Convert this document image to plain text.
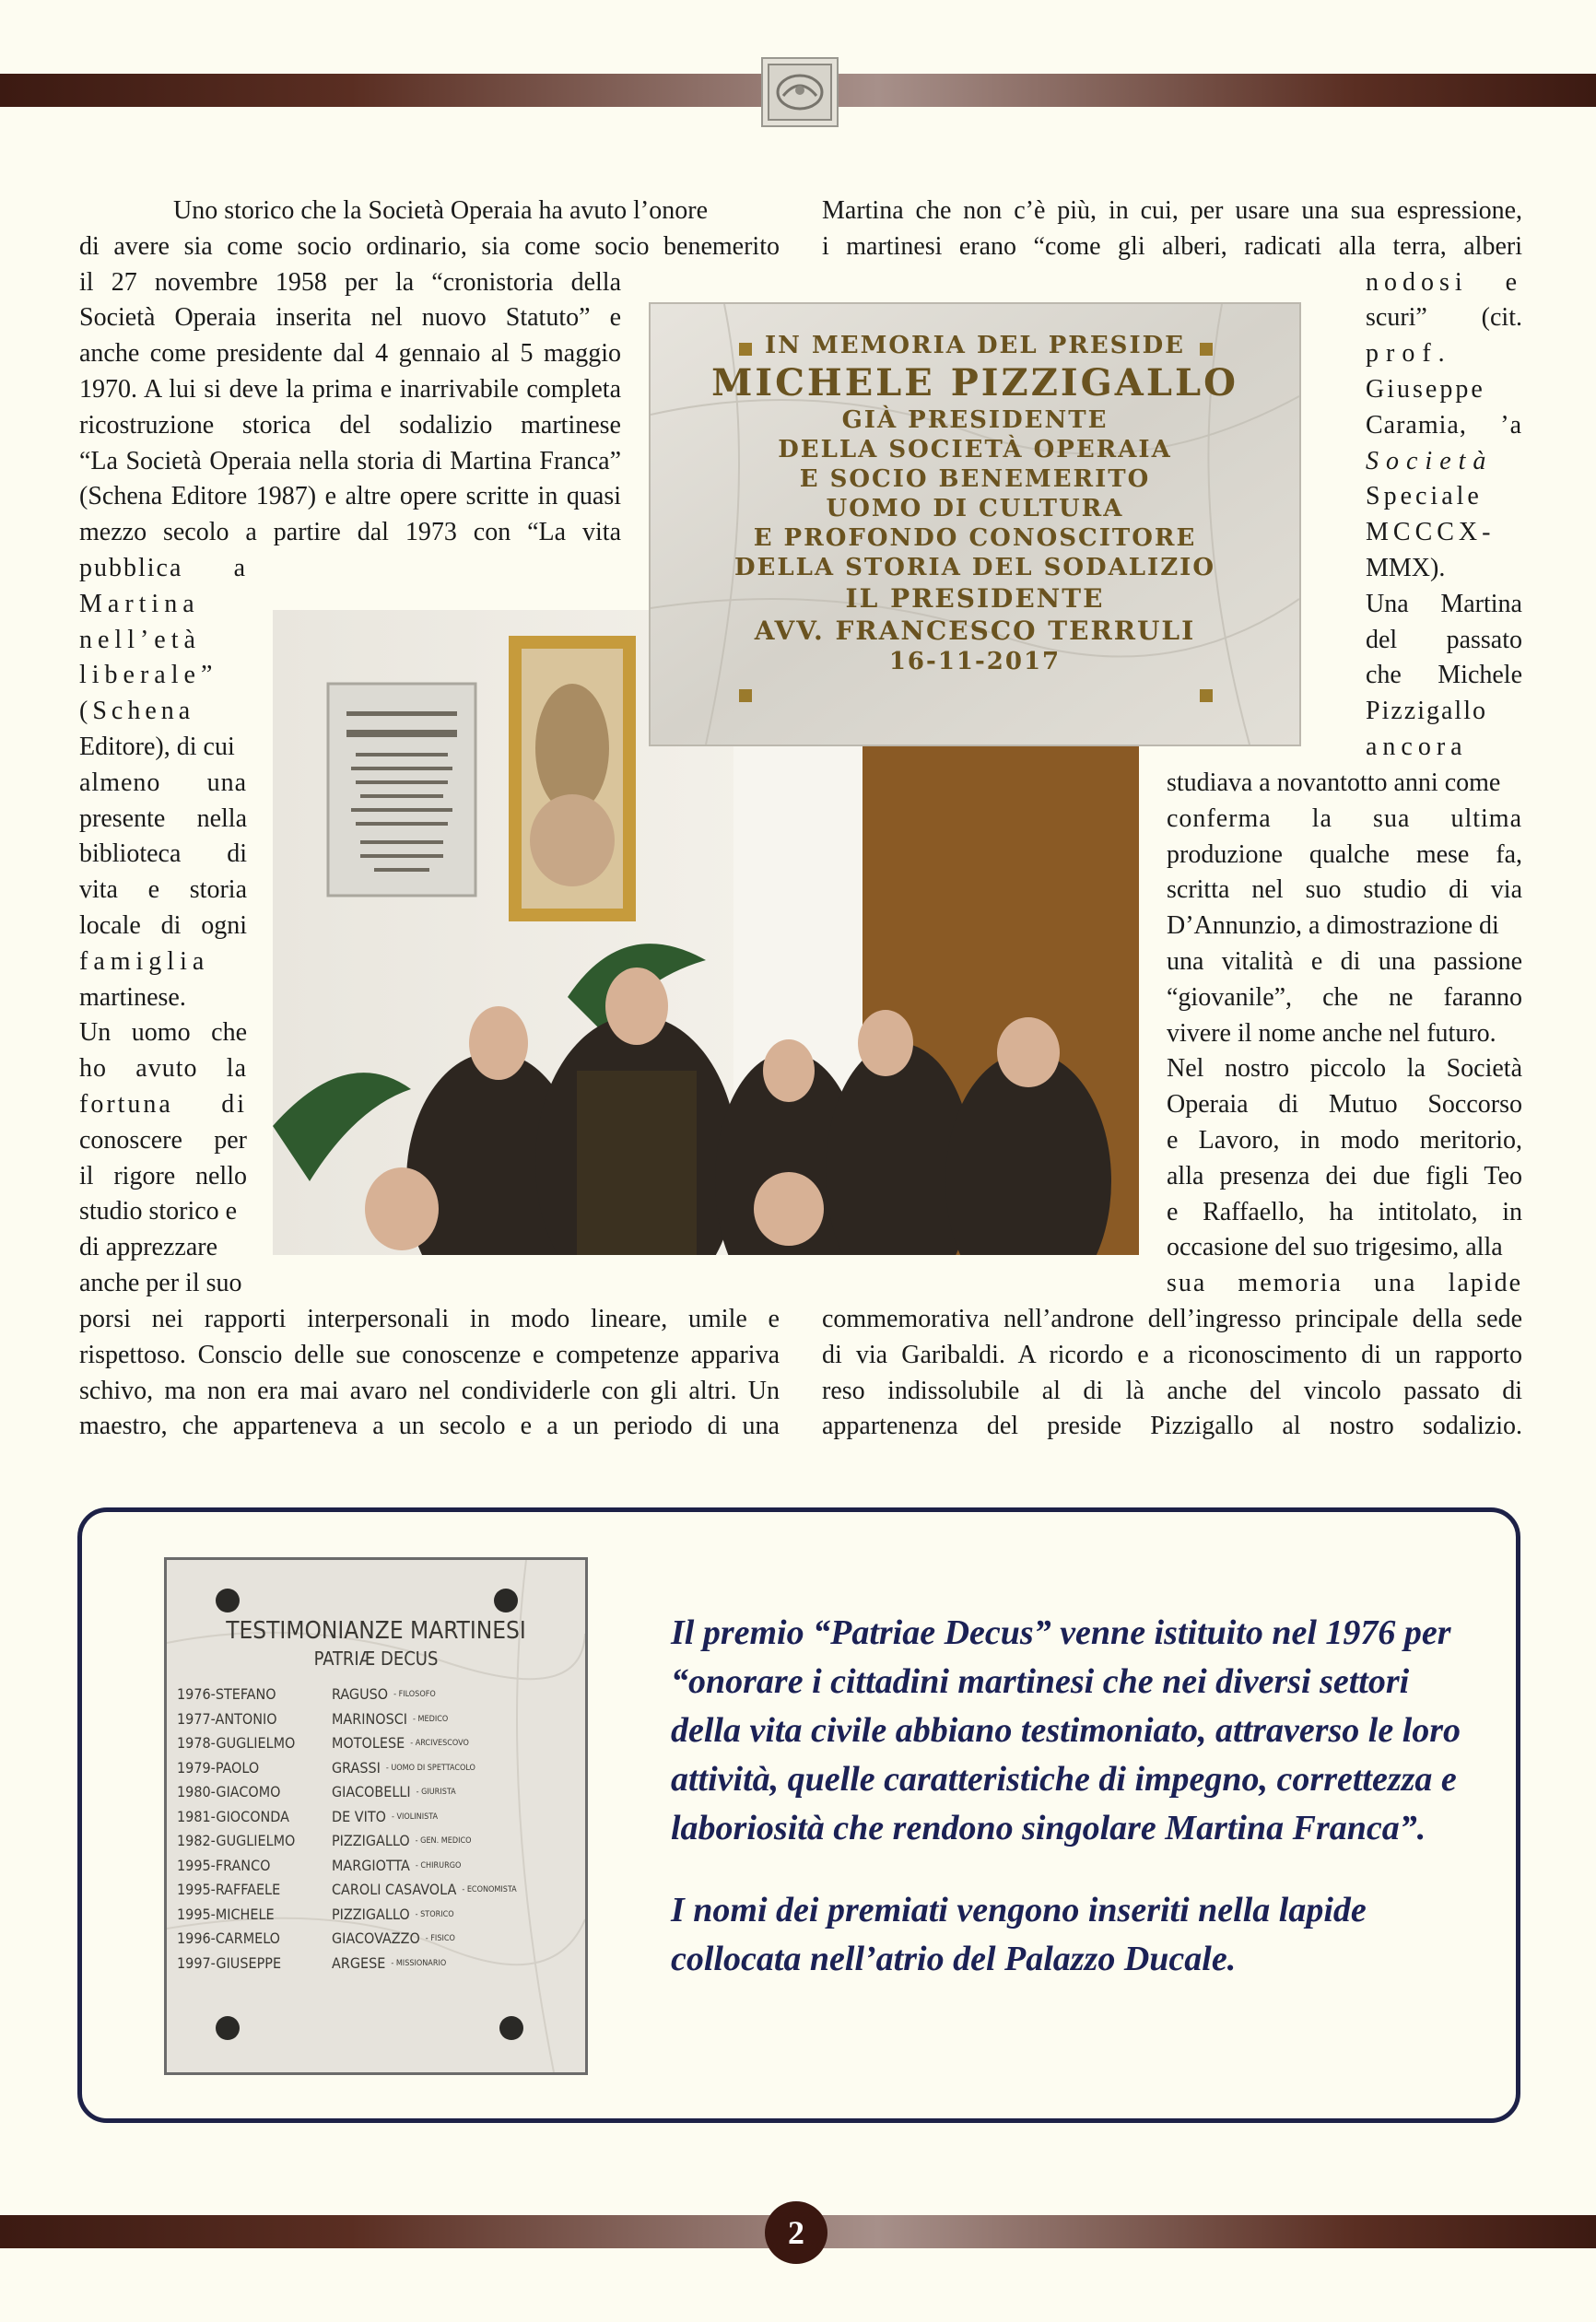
Uno storico che la Società Operaia ha avuto l’onore
di avere sia come socio ordinario, sia come socio benemerito
il 27 novembre 1958 per la “cronistoria della
Società Operaia inserita nel nuovo Statuto” e
anche come presidente dal 4 gennaio al 5 maggio
1970. A lui si deve la prima e inarrivabile completa
ricostruzione storica del sodalizio martinese
“La Società Operaia nella storia di Martina Franca”
(Schena Editore 1987) e altre opere scritte in quasi
mezzo secolo a partire dal 1973 con “La vita
pubblica a
Martina
nell’età
liberale”
(Schena
Editore), di cui
almeno una
presente nella
biblioteca di
vita e storia
locale di ogni
famiglia
martinese.
Un uomo che
ho avuto la
fortuna di
conoscere per
il rigore nello
studio storico e
di apprezzare
anche per il suo
porsi nei rapporti interpersonali in modo lineare, umile e
rispettoso. Conscio delle sue conoscenze e competenze appariva
schivo, ma non era mai avaro nel condividerle con gli altri. Un
maestro, che apparteneva a un secolo e a un periodo di una
Martina che non c’è più, in cui, per usare una sua espressione,
i martinesi erano “come gli alberi, radicati alla terra, alberi
nodosi e
scuri” (cit.
prof.
Giuseppe
Caramia, ’a
Società
Speciale
MCCCX-
MMX).
Una Martina
del passato
che Michele
Pizzigallo
ancora
studiava a novantotto anni come
conferma la sua ultima
produzione qualche mese fa,
scritta nel suo studio di via
D’Annunzio, a dimostrazione di
una vitalità e di una passione
“giovanile”, che ne faranno
vivere il nome anche nel futuro.
Nel nostro piccolo la Società
Operaia di Mutuo Soccorso
e Lavoro, in modo meritorio,
alla presenza dei due figli Teo
e Raffaello, ha intitolato, in
occasione del suo trigesimo, alla
sua memoria una lapide
commemorativa nell’androne dell’ingresso principale della sede
di via Garibaldi. A ricordo e a riconoscimento di un rapporto
reso indissolubile al di là anche del vincolo passato di
appartenenza del preside Pizzigallo al nostro sodalizio.
IN MEMORIA DEL PRESIDE
MICHELE PIZZIGALLO
GIÀ PRESIDENTE
DELLA SOCIETÀ OPERAIA
E SOCIO BENEMERITO
UOMO DI CULTURA
E PROFONDO CONOSCITORE
DELLA STORIA DEL SODALIZIO
IL PRESIDENTE
AVV. FRANCESCO TERRULI
16-11-2017
TESTIMONIANZE MARTINESI
PATRIÆ DECUS
1976-STEFANO	RAGUSO - FILOSOFO
1977-ANTONIO	MARINOSCI - MEDICO
1978-GUGLIELMO	MOTOLESE - ARCIVESCOVO
1979-PAOLO	GRASSI - UOMO DI SPETTACOLO
1980-GIACOMO	GIACOBELLI - GIURISTA
1981-GIOCONDA	DE VITO - VIOLINISTA
1982-GUGLIELMO	PIZZIGALLO - GEN. MEDICO
1995-FRANCO	MARGIOTTA - CHIRURGO
1995-RAFFAELE	CAROLI CASAVOLA - ECONOMISTA
1995-MICHELE	PIZZIGALLO - STORICO
1996-CARMELO	GIACOVAZZO - FISICO
1997-GIUSEPPE	ARGESE - MISSIONARIO

Il premio “Patriae Decus” venne istituito nel 1976 per “onorare i cittadini martinesi che nei diversi settori della vita civile abbiano testimoniato, attraverso le loro attività, quelle caratteristiche di impegno, correttezza e laboriosità che rendono singolare Martina Franca”.

I nomi dei premiati vengono inseriti nella lapide collocata nell’atrio del Palazzo Ducale.

2
